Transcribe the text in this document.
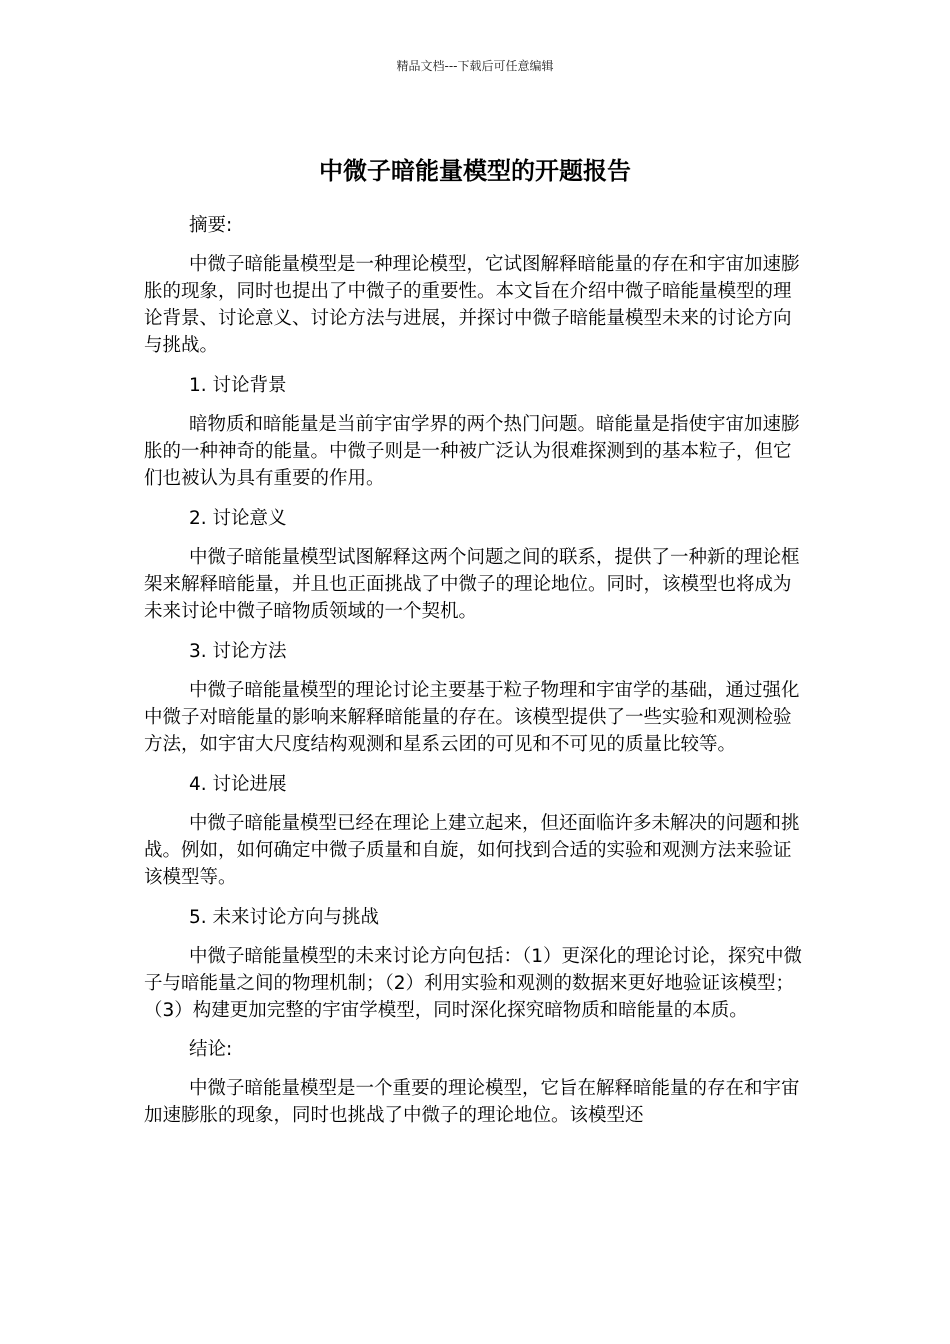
精品文档---下载后可任意编辑
中微子暗能量模型的开题报告

摘要:

中微子暗能量模型是一种理论模型，它试图解释暗能量的存在和宇宙加速膨胀的现象，同时也提出了中微子的重要性。本文旨在介绍中微子暗能量模型的理论背景、讨论意义、讨论方法与进展，并探讨中微子暗能量模型未来的讨论方向与挑战。

1. 讨论背景

暗物质和暗能量是当前宇宙学界的两个热门问题。暗能量是指使宇宙加速膨胀的一种神奇的能量。中微子则是一种被广泛认为很难探测到的基本粒子，但它们也被认为具有重要的作用。

2. 讨论意义

中微子暗能量模型试图解释这两个问题之间的联系，提供了一种新的理论框架来解释暗能量，并且也正面挑战了中微子的理论地位。同时，该模型也将成为未来讨论中微子暗物质领域的一个契机。

3. 讨论方法

中微子暗能量模型的理论讨论主要基于粒子物理和宇宙学的基础，通过强化中微子对暗能量的影响来解释暗能量的存在。该模型提供了一些实验和观测检验方法，如宇宙大尺度结构观测和星系云团的可见和不可见的质量比较等。

4. 讨论进展

中微子暗能量模型已经在理论上建立起来，但还面临许多未解决的问题和挑战。例如，如何确定中微子质量和自旋，如何找到合适的实验和观测方法来验证该模型等。

5. 未来讨论方向与挑战

中微子暗能量模型的未来讨论方向包括：（1）更深化的理论讨论，探究中微子与暗能量之间的物理机制；（2）利用实验和观测的数据来更好地验证该模型；（3）构建更加完整的宇宙学模型，同时深化探究暗物质和暗能量的本质。

结论:

中微子暗能量模型是一个重要的理论模型，它旨在解释暗能量的存在和宇宙加速膨胀的现象，同时也挑战了中微子的理论地位。该模型还
